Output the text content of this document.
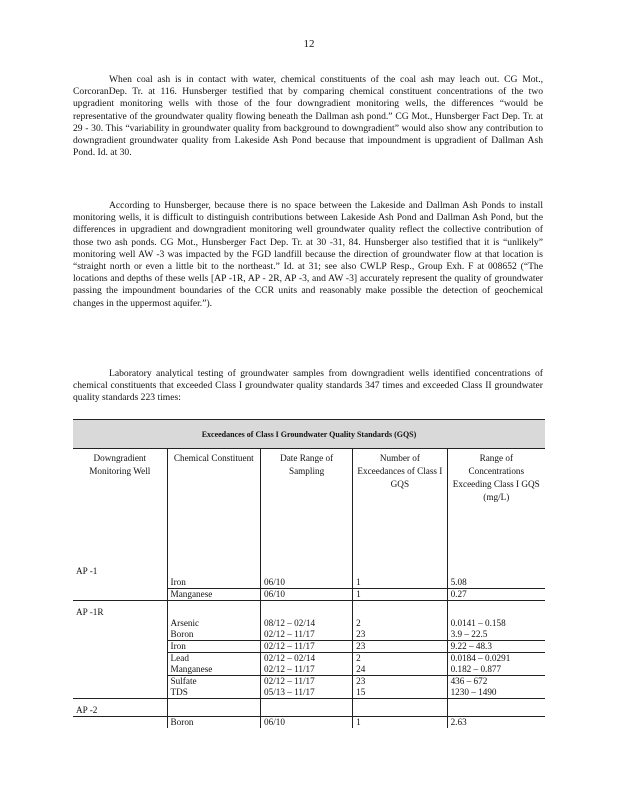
12

When coal ash is in contact with water, chemical constituents of the coal ash may leach out. CG Mot., CorcoranDep. Tr. at 116. Hunsberger testified that by comparing chemical constituent concentrations of the two upgradient monitoring wells with those of the four downgradient monitoring wells, the differences “would be representative of the groundwater quality flowing beneath the Dallman ash pond.” CG Mot., Hunsberger Fact Dep. Tr. at 29 - 30. This “variability in groundwater quality from background to downgradient” would also show any contribution to downgradient groundwater quality from Lakeside Ash Pond because that impoundment is upgradient of Dallman Ash Pond. Id. at 30.

According to Hunsberger, because there is no space between the Lakeside and Dallman Ash Ponds to install monitoring wells, it is difficult to distinguish contributions between Lakeside Ash Pond and Dallman Ash Pond, but the differences in upgradient and downgradient monitoring well groundwater quality reflect the collective contribution of those two ash ponds. CG Mot., Hunsberger Fact Dep. Tr. at 30 -31, 84. Hunsberger also testified that it is “unlikely” monitoring well AW -3 was impacted by the FGD landfill because the direction of groundwater flow at that location is “straight north or even a little bit to the northeast.” Id. at 31; see also CWLP Resp., Group Exh. F at 008652 (“The locations and depths of these wells [AP -1R, AP - 2R, AP -3, and AW -3] accurately represent the quality of groundwater passing the impoundment boundaries of the CCR units and reasonably make possible the detection of geochemical changes in the uppermost aquifer.”).

Laboratory analytical testing of groundwater samples from downgradient wells identified concentrations of chemical constituents that exceeded Class I groundwater quality standards 347 times and exceeded Class II groundwater quality standards 223 times:

Exceedances of Class I Groundwater Quality Standards (GQS)				
Downgradient Monitoring Well	Chemical Constituent	Date Range of Sampling	Number of Exceedances of Class I GQS	Range of Concentrations Exceeding Class I GQS (mg/L)
AP -1				
	Iron	06/10	1	5.08
	Manganese	06/10	1	0.27
AP -1R				
	Arsenic	08/12 – 02/14	2	0.0141 – 0.158
	Boron	02/12 – 11/17	23	3.9 – 22.5
	Iron	02/12 – 11/17	23	9.22 – 48.3
	Lead	02/12 – 02/14	2	0.0184 – 0.0291
	Manganese	02/12 – 11/17	24	0.182 – 0.877
	Sulfate	02/12 – 11/17	23	436 – 672
	TDS	05/13 – 11/17	15	1230 – 1490
AP -2				
	Boron	06/10	1	2.63
